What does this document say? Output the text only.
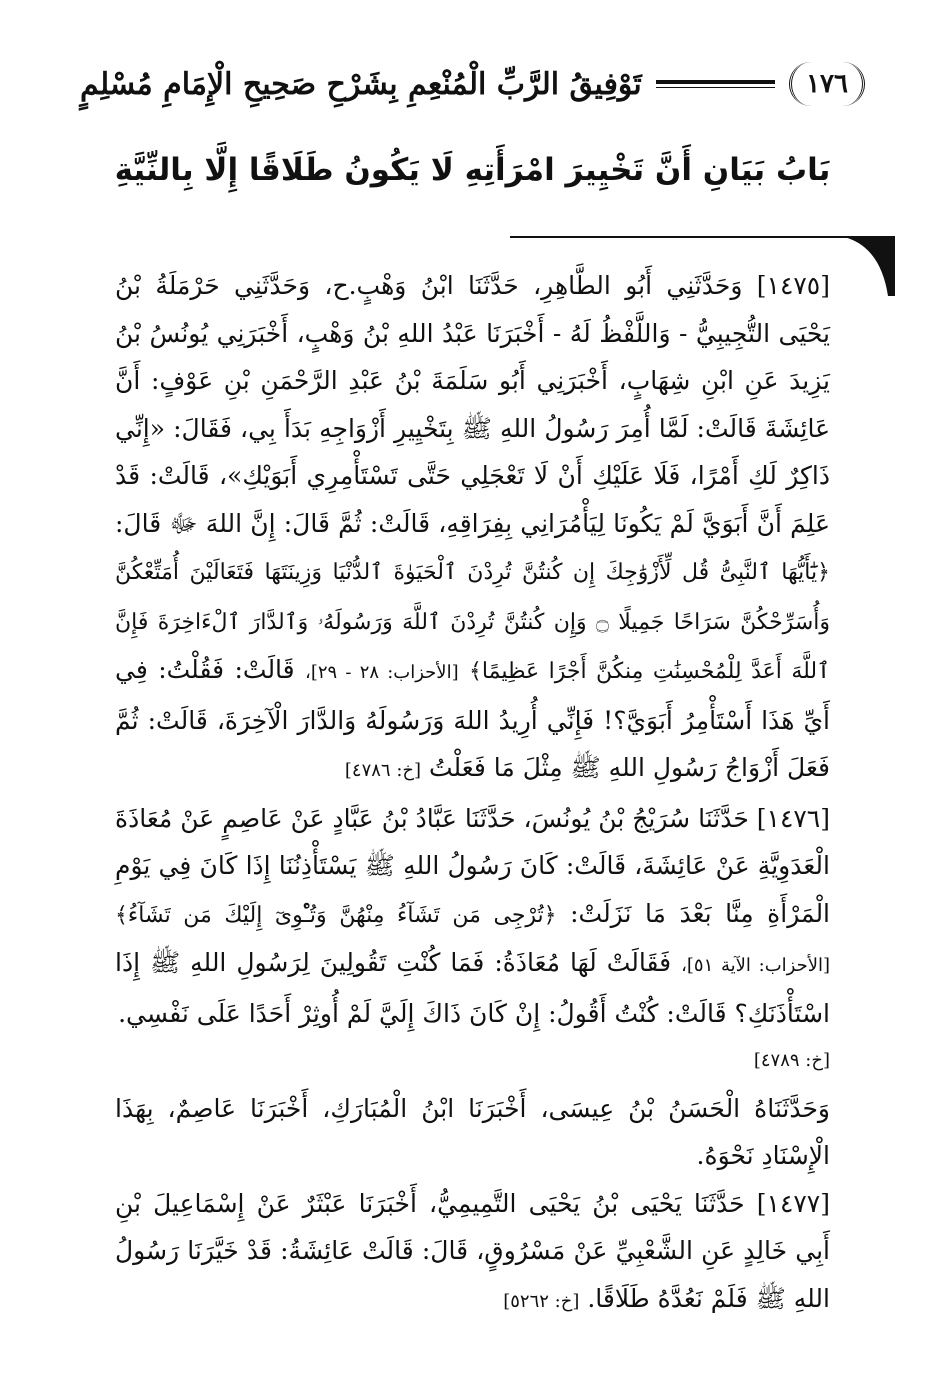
١٧٦
تَوْفِيقُ الرَّبِّ الْمُنْعِمِ بِشَرْحِ صَحِيحِ الْإِمَامِ مُسْلِمٍ
بَابُ بَيَانِ أَنَّ تَخْيِيرَ امْرَأَتِهِ لَا يَكُونُ طَلَاقًا إِلَّا بِالنِّيَّةِ

[١٤٧٥] وَحَدَّثَنِي أَبُو الطَّاهِرِ، حَدَّثَنَا ابْنُ وَهْبٍ.ح، وَحَدَّثَنِي حَرْمَلَةُ بْنُ يَحْيَى التُّجِيبِيُّ - وَاللَّفْظُ لَهُ - أَخْبَرَنَا عَبْدُ اللهِ بْنُ وَهْبٍ، أَخْبَرَنِي يُونُسُ بْنُ يَزِيدَ عَنِ ابْنِ شِهَابٍ، أَخْبَرَنِي أَبُو سَلَمَةَ بْنُ عَبْدِ الرَّحْمَنِ بْنِ عَوْفٍ: أَنَّ عَائِشَةَ قَالَتْ: لَمَّا أُمِرَ رَسُولُ اللهِ ﷺ بِتَخْيِيرِ أَزْوَاجِهِ بَدَأَ بِي، فَقَالَ: «إِنِّي ذَاكِرٌ لَكِ أَمْرًا، فَلَا عَلَيْكِ أَنْ لَا تَعْجَلِي حَتَّى تَسْتَأْمِرِي أَبَوَيْكِ»، قَالَتْ: قَدْ عَلِمَ أَنَّ أَبَوَيَّ لَمْ يَكُونَا لِيَأْمُرَانِي بِفِرَاقِهِ، قَالَتْ: ثُمَّ قَالَ: إِنَّ اللهَ ﷻ قَالَ: ﴿يَٰٓأَيُّهَا ٱلنَّبِىُّ قُل لِّأَزْوَٰجِكَ إِن كُنتُنَّ تُرِدْنَ ٱلْحَيَوٰةَ ٱلدُّنْيَا وَزِينَتَهَا فَتَعَالَيْنَ أُمَتِّعْكُنَّ وَأُسَرِّحْكُنَّ سَرَاحًا جَمِيلًا ۝ وَإِن كُنتُنَّ تُرِدْنَ ٱللَّهَ وَرَسُولَهُۥ وَٱلدَّارَ ٱلْءَاخِرَةَ فَإِنَّ ٱللَّهَ أَعَدَّ لِلْمُحْسِنَٰتِ مِنكُنَّ أَجْرًا عَظِيمًا﴾ [الأحزاب: ٢٨ - ٢٩]، قَالَتْ: فَقُلْتُ: فِي أَيِّ هَذَا أَسْتَأْمِرُ أَبَوَيَّ؟! فَإِنِّي أُرِيدُ اللهَ وَرَسُولَهُ وَالدَّارَ الْآخِرَةَ، قَالَتْ: ثُمَّ فَعَلَ أَزْوَاجُ رَسُولِ اللهِ ﷺ مِثْلَ مَا فَعَلْتُ [خ: ٤٧٨٦]

[١٤٧٦] حَدَّثَنَا سُرَيْجُ بْنُ يُونُسَ، حَدَّثَنَا عَبَّادُ بْنُ عَبَّادٍ عَنْ عَاصِمٍ عَنْ مُعَاذَةَ الْعَدَوِيَّةِ عَنْ عَائِشَةَ، قَالَتْ: كَانَ رَسُولُ اللهِ ﷺ يَسْتَأْذِنُنَا إِذَا كَانَ فِي يَوْمِ الْمَرْأَةِ مِنَّا بَعْدَ مَا نَزَلَتْ: ﴿تُرْجِى مَن تَشَآءُ مِنْهُنَّ وَتُـْٔوِىٓ إِلَيْكَ مَن تَشَآءُ﴾ [الأحزاب: الآية ٥١]، فَقَالَتْ لَهَا مُعَاذَةُ: فَمَا كُنْتِ تَقُولِينَ لِرَسُولِ اللهِ ﷺ إِذَا اسْتَأْذَنَكِ؟ قَالَتْ: كُنْتُ أَقُولُ: إِنْ كَانَ ذَاكَ إِلَيَّ لَمْ أُوثِرْ أَحَدًا عَلَى نَفْسِي.
[خ: ٤٧٨٩]

وَحَدَّثَنَاهُ الْحَسَنُ بْنُ عِيسَى، أَخْبَرَنَا ابْنُ الْمُبَارَكِ، أَخْبَرَنَا عَاصِمٌ، بِهَذَا الْإِسْنَادِ نَحْوَهُ.

[١٤٧٧] حَدَّثَنَا يَحْيَى بْنُ يَحْيَى التَّمِيمِيُّ، أَخْبَرَنَا عَبْثَرٌ عَنْ إِسْمَاعِيلَ بْنِ أَبِي خَالِدٍ عَنِ الشَّعْبِيِّ عَنْ مَسْرُوقٍ، قَالَ: قَالَتْ عَائِشَةُ: قَدْ خَيَّرَنَا رَسُولُ اللهِ ﷺ فَلَمْ نَعُدَّهُ طَلَاقًا. [خ: ٥٢٦٢]
